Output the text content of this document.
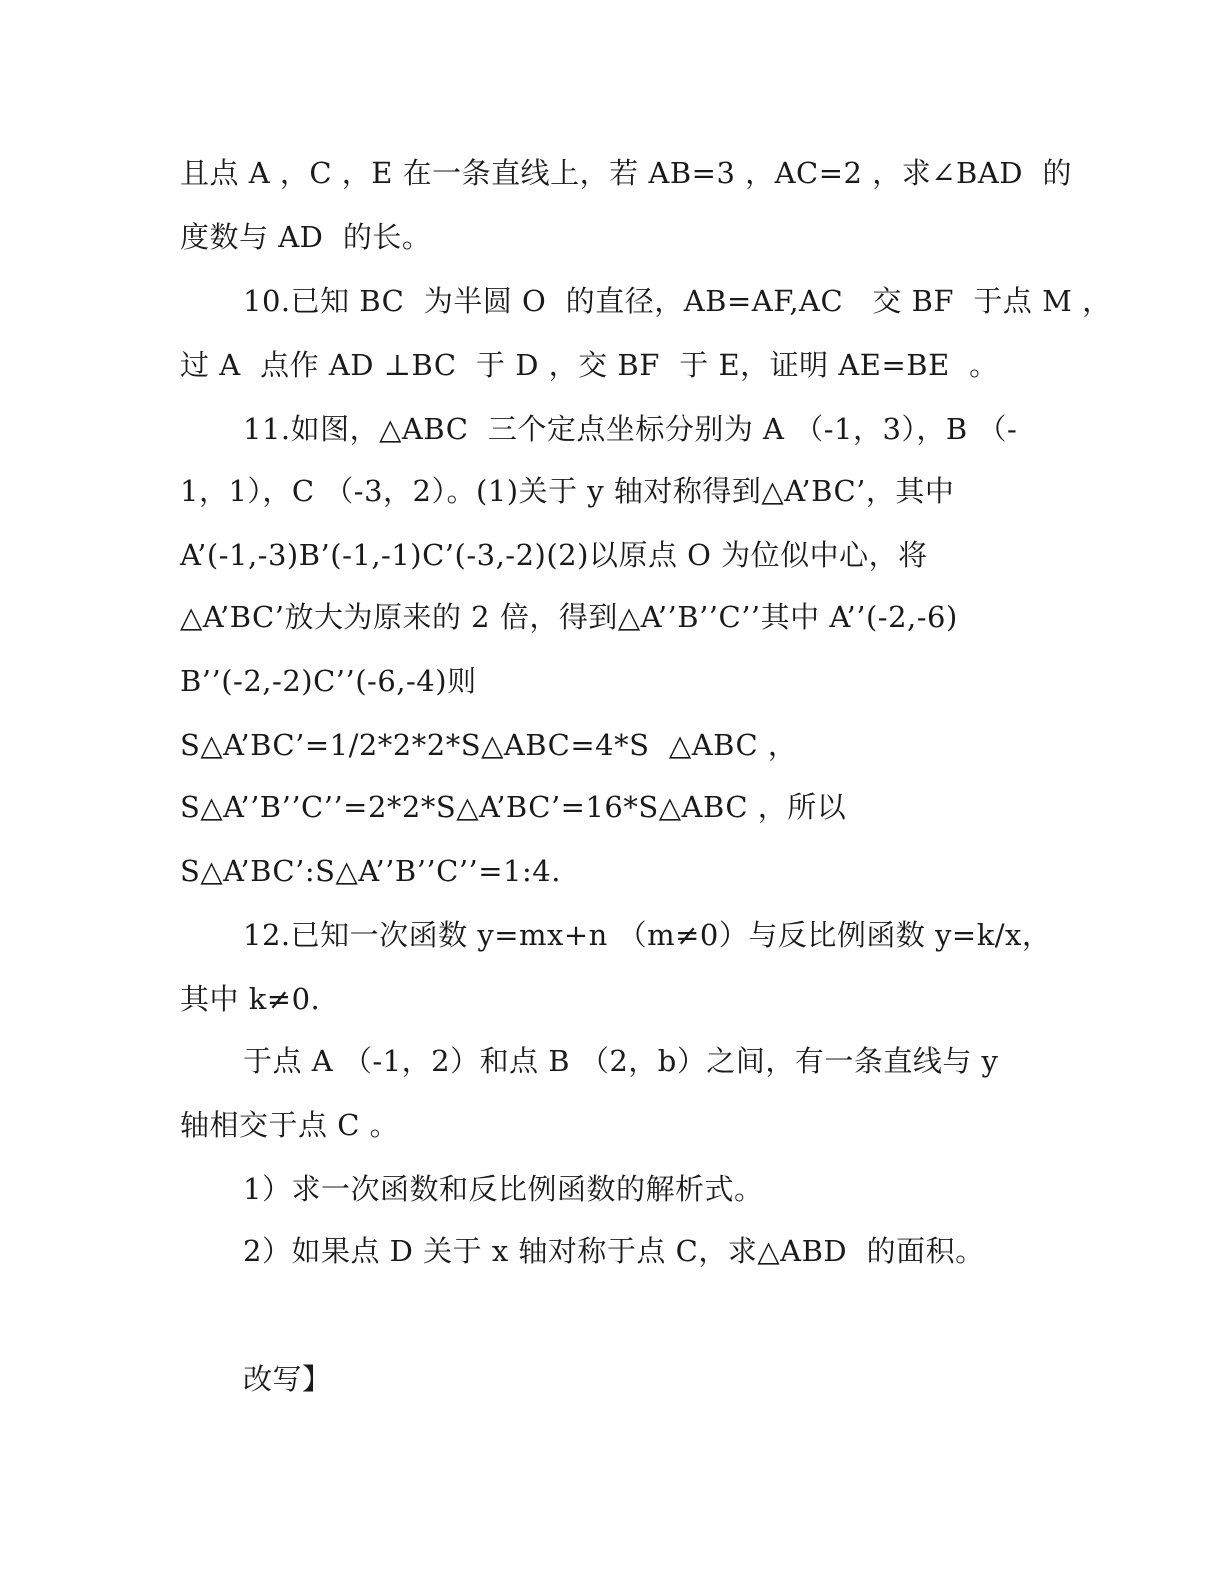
且点 A ，C ，E 在一条直线上，若 AB=3 ，AC=2 ，求∠BAD  的
度数与 AD  的长。
10.已知 BC  为半圆 O  的直径，AB=AF,AC   交 BF  于点 M ，
过 A  点作 AD ⊥BC  于 D ，交 BF  于 E，证明 AE=BE  。
11.如图，△ABC  三个定点坐标分别为 A （-1，3），B （-
1，1），C （-3，2）。(1)关于 y 轴对称得到△A’BC’，其中
A’(-1,-3)B’(-1,-1)C’(-3,-2)(2)以原点 O 为位似中心，将
△A’BC’放大为原来的 2 倍，得到△A’’B’’C’’其中 A’’(-2,-6)
B’’(-2,-2)C’’(-6,-4)则
S△A’BC’=1/2*2*2*S△ABC=4*S  △ABC ，
S△A’’B’’C’’=2*2*S△A’BC’=16*S△ABC ，所以
S△A’BC’:S△A’’B’’C’’=1:4.
12.已知一次函数 y=mx+n （m≠0）与反比例函数 y=k/x，
其中 k≠0.
于点 A （-1，2）和点 B （2，b）之间，有一条直线与 y
轴相交于点 C 。
1）求一次函数和反比例函数的解析式。
2）如果点 D 关于 x 轴对称于点 C，求△ABD  的面积。
改写】
